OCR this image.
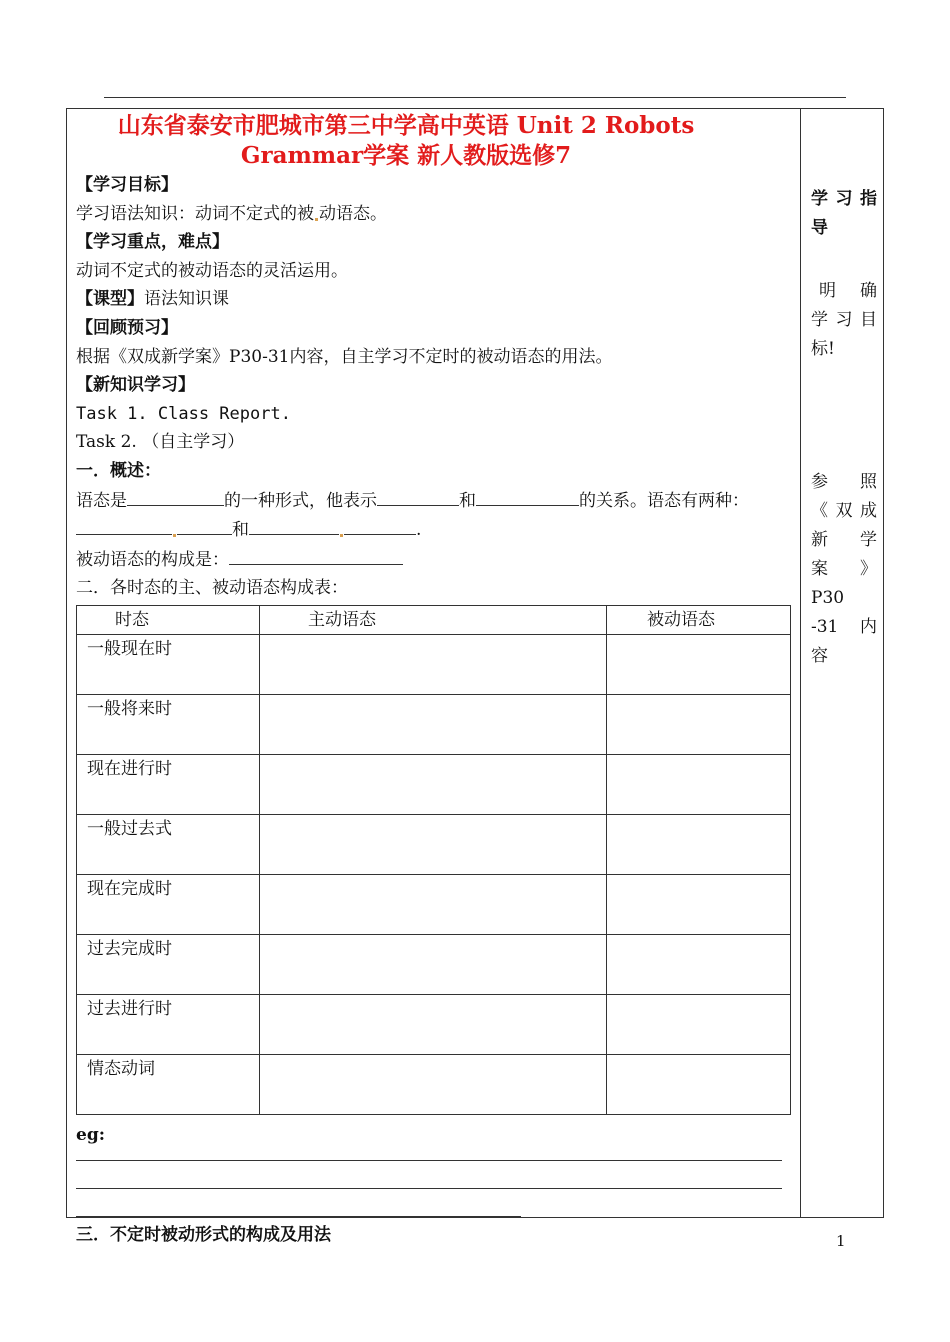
山东省泰安市肥城市第三中学高中英语 Unit 2 Robots
Grammar学案 新人教版选修7
【学习目标】
学习语法知识：动词不定式的被 动语态。
【学习重点，难点】
动词不定式的被动语态的灵活运用。
【课型】语法知识课
【回顾预习】
根据《双成新学案》P30-31内容，自主学习不定时的被动语态的用法。
【新知识学习】
Task 1. Class Report.
Task 2. （自主学习）
一．概述：
语态是	的一种形式，他表示	和	的关系。语态有两种：
和	.
被动语态的构成是：
二．各时态的主、被动语态构成表：
时态	主动语态	被动语态
一般现在时		
一般将来时		
现在进行时		
一般过去式		
现在完成时		
过去完成时		
过去进行时		
情态动词		
eg:
三．不定时被动形式的构成及用法

学习指

导

明 确

学习目

标!

参 照

《双成

新 学

案》P30

-31 内

容

1
